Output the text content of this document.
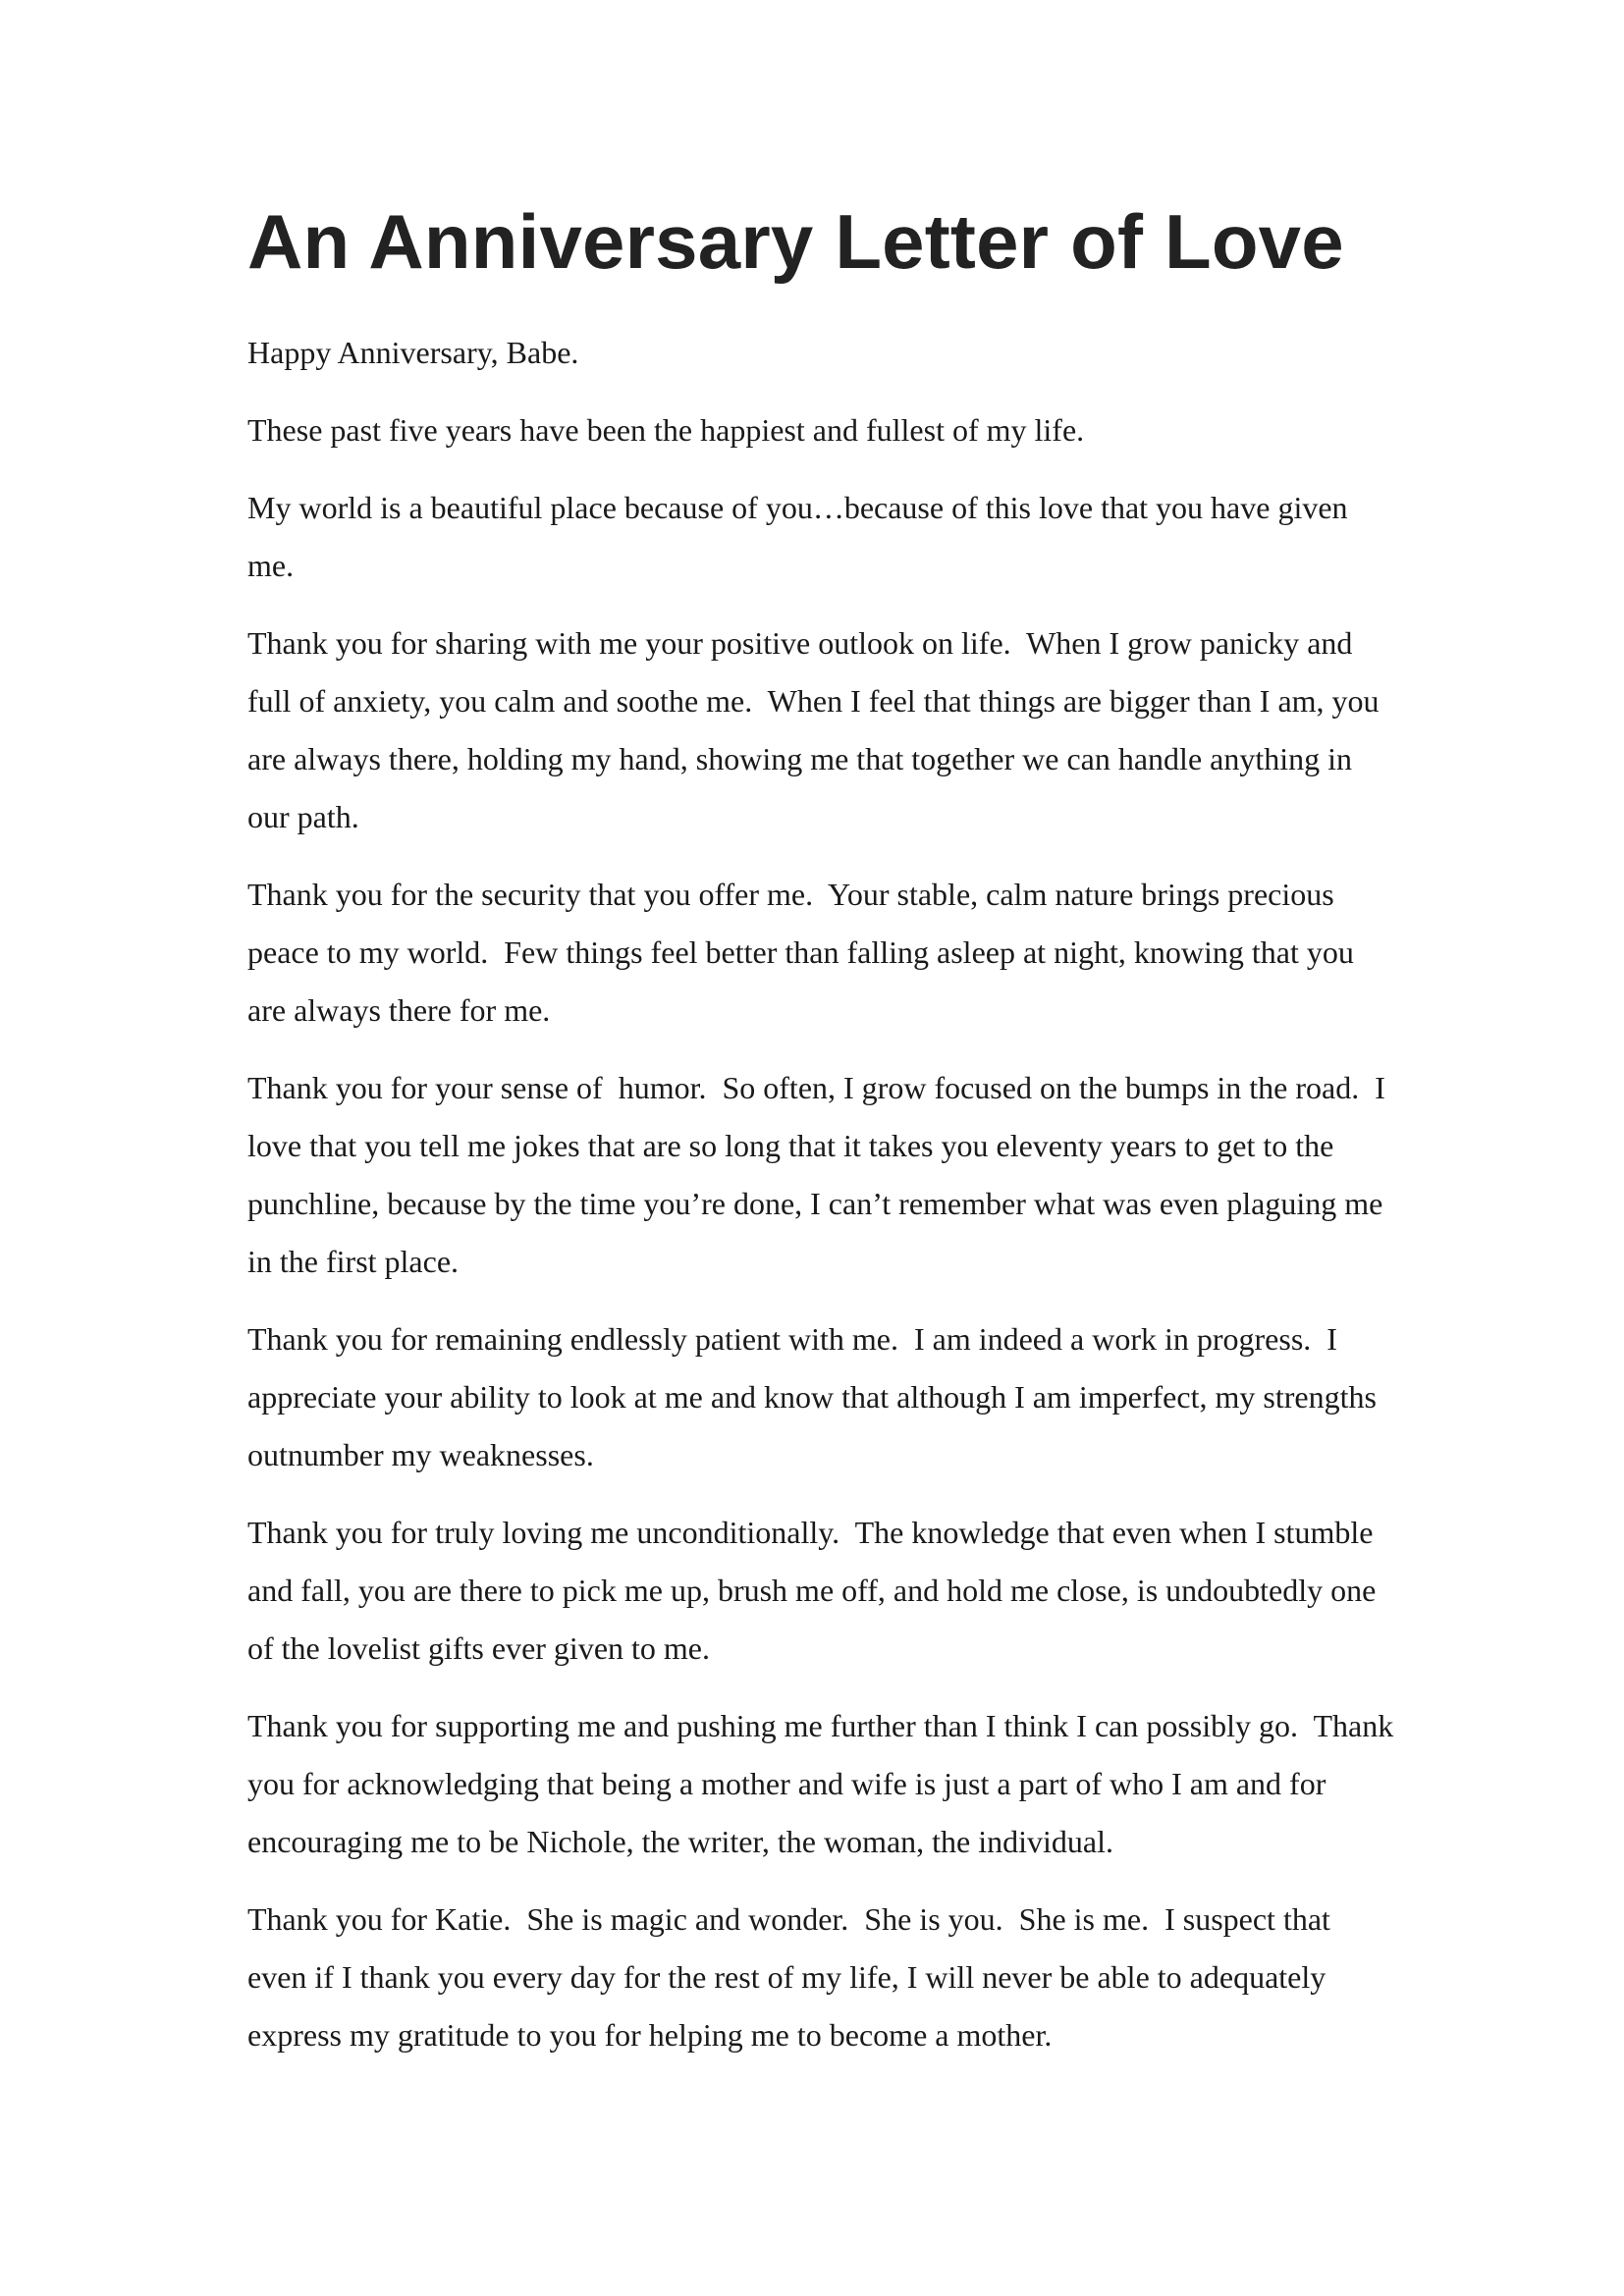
An Anniversary Letter of Love

Happy Anniversary, Babe.

These past five years have been the happiest and fullest of my life.

My world is a beautiful place because of you…because of this love that you have given me.

Thank you for sharing with me your positive outlook on life.  When I grow panicky and full of anxiety, you calm and soothe me.  When I feel that things are bigger than I am, you are always there, holding my hand, showing me that together we can handle anything in our path.

Thank you for the security that you offer me.  Your stable, calm nature brings precious peace to my world.  Few things feel better than falling asleep at night, knowing that you are always there for me.

Thank you for your sense of  humor.  So often, I grow focused on the bumps in the road.  I love that you tell me jokes that are so long that it takes you eleventy years to get to the punchline, because by the time you’re done, I can’t remember what was even plaguing me in the first place.

Thank you for remaining endlessly patient with me.  I am indeed a work in progress.  I appreciate your ability to look at me and know that although I am imperfect, my strengths outnumber my weaknesses.

Thank you for truly loving me unconditionally.  The knowledge that even when I stumble and fall, you are there to pick me up, brush me off, and hold me close, is undoubtedly one of the lovelist gifts ever given to me.

Thank you for supporting me and pushing me further than I think I can possibly go.  Thank you for acknowledging that being a mother and wife is just a part of who I am and for encouraging me to be Nichole, the writer, the woman, the individual.

Thank you for Katie.  She is magic and wonder.  She is you.  She is me.  I suspect that even if I thank you every day for the rest of my life, I will never be able to adequately express my gratitude to you for helping me to become a mother.
